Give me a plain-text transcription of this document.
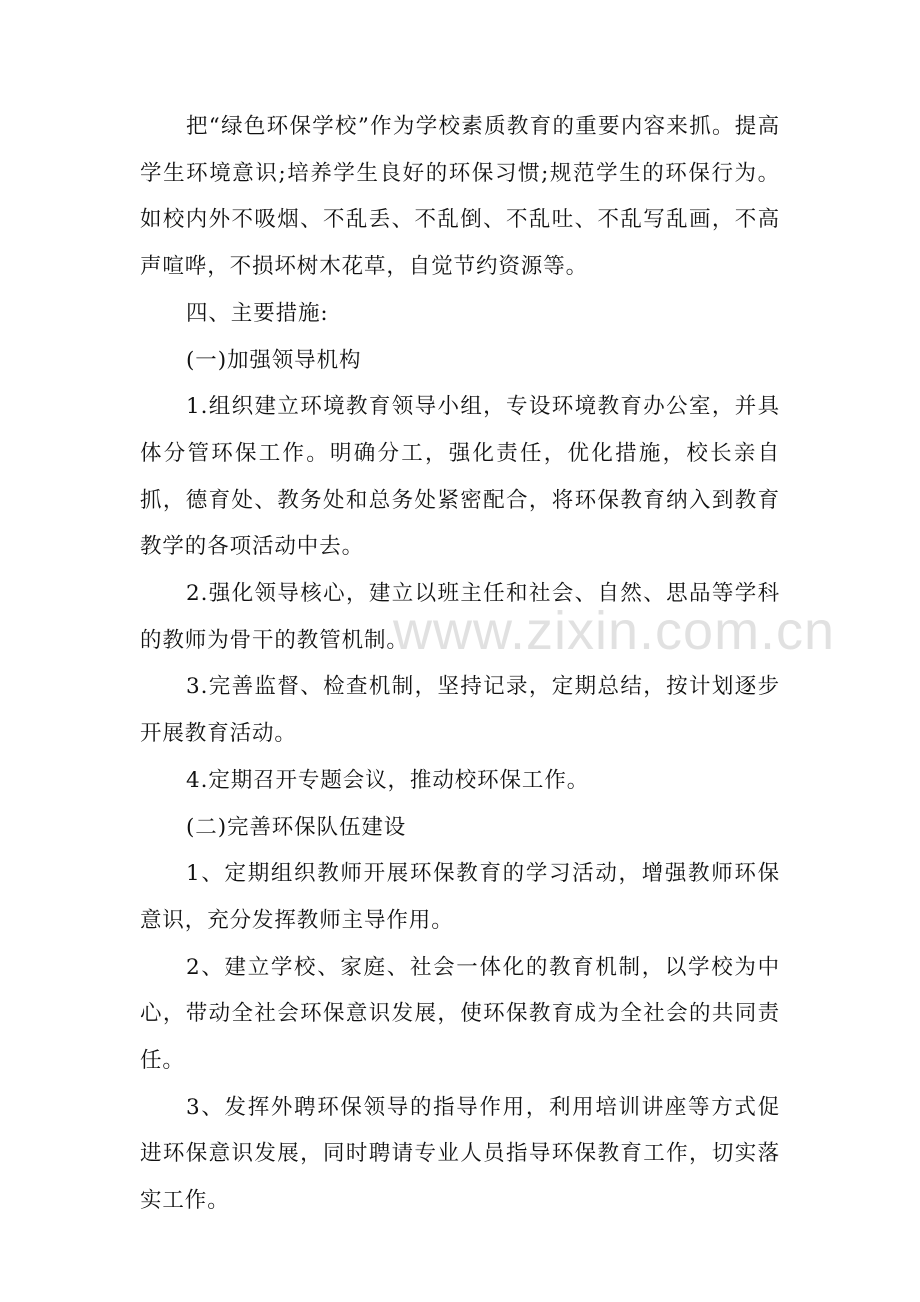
把“绿色环保学校”作为学校素质教育的重要内容来抓。提高学生环境意识;培养学生良好的环保习惯;规范学生的环保行为。如校内外不吸烟、不乱丢、不乱倒、不乱吐、不乱写乱画，不高声喧哗，不损坏树木花草，自觉节约资源等。

四、主要措施:

(一)加强领导机构

1.组织建立环境教育领导小组，专设环境教育办公室，并具体分管环保工作。明确分工，强化责任，优化措施，校长亲自抓，德育处、教务处和总务处紧密配合，将环保教育纳入到教育教学的各项活动中去。

2.强化领导核心，建立以班主任和社会、自然、思品等学科的教师为骨干的教管机制。

3.完善监督、检查机制，坚持记录，定期总结，按计划逐步开展教育活动。

4.定期召开专题会议，推动校环保工作。

(二)完善环保队伍建设

1、定期组织教师开展环保教育的学习活动，增强教师环保意识，充分发挥教师主导作用。

2、建立学校、家庭、社会一体化的教育机制，以学校为中心，带动全社会环保意识发展，使环保教育成为全社会的共同责任。

3、发挥外聘环保领导的指导作用，利用培训讲座等方式促进环保意识发展，同时聘请专业人员指导环保教育工作，切实落实工作。

www.zixin.com.cn
